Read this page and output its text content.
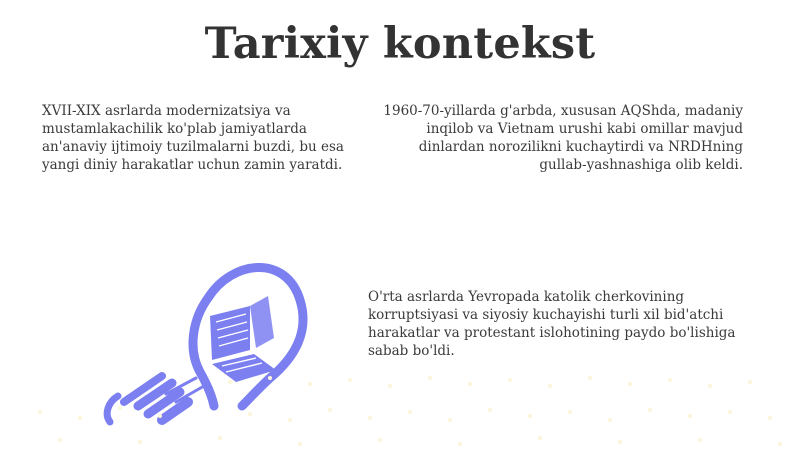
Tarixiy kontekst

XVII-XIX asrlarda modernizatsiya va mustamlakachilik ko'plab jamiyatlarda an'anaviy ijtimoiy tuzilmalarni buzdi, bu esa yangi diniy harakatlar uchun zamin yaratdi.

1960-70-yillarda g'arbda, xususan AQShda, madaniy inqilob va Vietnam urushi kabi omillar mavjud dinlardan norozilikni kuchaytirdi va NRDHning gullab-yashnashiga olib keldi.

O'rta asrlarda Yevropada katolik cherkovining korruptsiyasi va siyosiy kuchayishi turli xil bid'atchi harakatlar va protestant islohotining paydo bo'lishiga sabab bo'ldi.
